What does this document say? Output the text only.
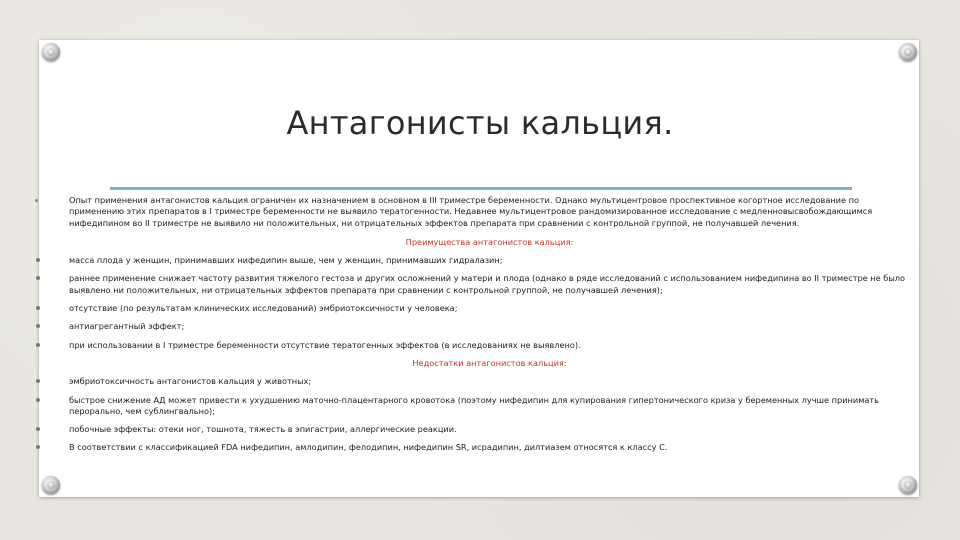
Антагонисты кальция.
Опыт применения антагонистов кальция ограничен их назначением в основном в III триместре беременности. Однако мультицентровое проспективное когортное исследование по применению этих препаратов в I триместре беременности не выявило тератогенности. Недавнее мультицентровое рандомизированное исследование с медленновысвобождающимся нифедипином во II триместре не выявило ни положительных, ни отрицательных эффектов препарата при сравнении с контрольной группой, не получавшей лечения.
Преимущества антагонистов кальция:
масса плода у женщин, принимавших нифедипин выше, чем у женщин, принимавших гидралазин;
раннее применение снижает частоту развития тяжелого гестоза и других осложнений у матери и плода (однако в ряде исследований с использованием нифедипина во II триместре не было выявлено ни положительных, ни отрицательных эффектов препарата при сравнении с контрольной группой, не получавшей лечения);
отсутствие (по результатам клинических исследований) эмбриотоксичности у человека;
антиагрегантный эффект;
при использовании в I триместре беременности отсутствие тератогенных эффектов (в исследованиях не выявлено).
Недостатки антагонистов кальция:
эмбриотоксичность антагонистов кальция у животных;
быстрое снижение АД может привести к ухудшению маточно-плацентарного кровотока (поэтому нифедипин для купирования гипертонического криза у беременных лучше принимать перорально, чем сублингвально);
побочные эффекты: отеки ног, тошнота, тяжесть в эпигастрии, аллергические реакции.
В соответствии с классификацией FDA нифедипин, амлодипин, фелодипин, нифедипин SR, исрадипин, дилтиазем относятся к классу С.
